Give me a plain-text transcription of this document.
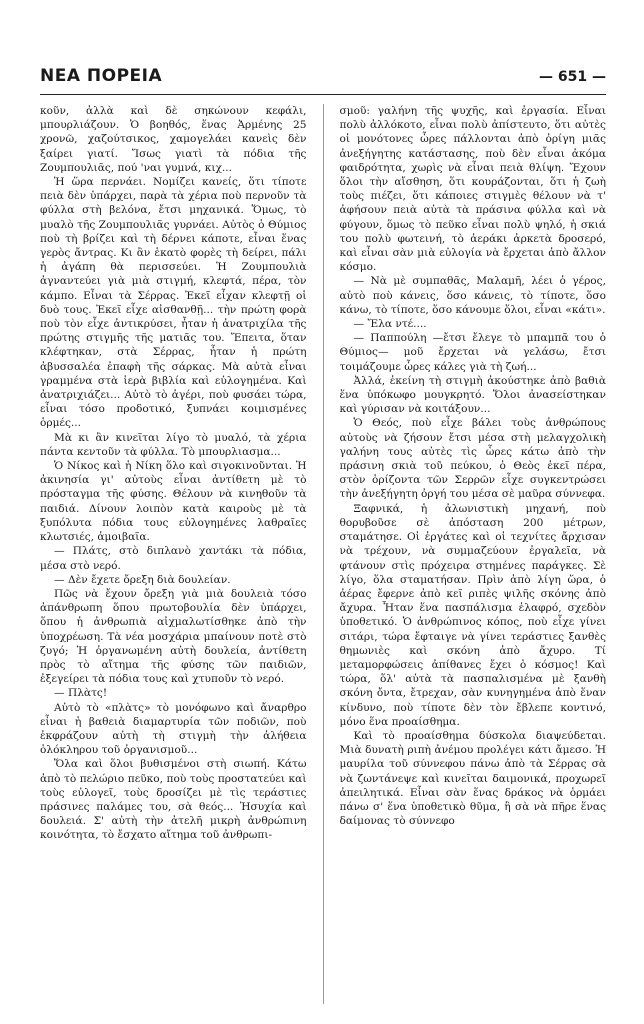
ΝΕΑ ΠΟΡΕΙΑ	— 651 —

κοῦν, ἀλλὰ καὶ δὲ σηκώνουν κεφάλι, μπουρλιάζουν. Ὁ βοηθός, ἕνας Ἀρμένης 25 χρονῶ, χαζούτσικος, χαμογελάει κανεὶς δὲν ξαίρει γιατί. Ἴσως γιατὶ τὰ πόδια τῆς Ζουμπουλιᾶς, πού 'ναι γυμνά, κιχ...

Ἡ ὥρα περνάει. Νομίζει κανείς, ὅτι τίποτε πειὰ δὲν ὑπάρχει, παρὰ τὰ χέρια ποὺ περνοῦν τὰ φύλλα στὴ βελόνα, ἔτσι μηχανικά. Ὅμως, τὸ μυαλὸ τῆς Ζουμπουλιᾶς γυρνάει. Αὐτὸς ὁ Θύμιος ποὺ τὴ βρίζει καὶ τὴ δέρνει κάποτε, εἶναι ἕνας γερὸς ἄντρας. Κι ἂν ἑκατὸ φορὲς τὴ δείρει, πάλι ἡ ἀγάπη θὰ περισσεύει. Ἡ Ζουμπουλιὰ ἀγναντεύει γιὰ μιὰ στιγμή, κλεφτά, πέρα, τὸν κάμπο. Εἶναι τὰ Σέρρας. Ἐκεῖ εἶχαν κλεφτῇ οἱ δυὸ τους. Ἐκεῖ εἶχε αἰσθανθῇ... τὴν πρώτη φορὰ ποὺ τὸν εἶχε ἀντικρύσει, ἦταν ἡ ἀνατριχίλα τῆς πρώτης στιγμῆς τῆς ματιᾶς του. Ἔπειτα, ὅταν κλέφτηκαν, στὰ Σέρρας, ἦταν ἡ πρώτη ἀβυσσαλέα ἐπαφὴ τῆς σάρκας. Μὰ αὐτὰ εἶναι γραμμένα στὰ ἱερὰ βιβλία καὶ εὐλογημένα. Καὶ ἀνατριχιάζει... Αὐτὸ τὸ ἀγέρι, ποὺ φυσάει τώρα, εἶναι τόσο προδοτικό, ξυπνάει κοιμισμένες ὁρμές...

Μὰ κι ἂν κινεῖται λίγο τὸ μυαλό, τὰ χέρια πάντα κεντοῦν τὰ φύλλα. Τὸ μπουρλιασμα...

Ὁ Νίκος καὶ ἡ Νίκη ὅλο καὶ σιγοκινοῦνται. Ἡ ἀκινησία γι' αὐτοὺς εἶναι ἀντίθετη μὲ τὸ πρόσταγμα τῆς φύσης. Θέλουν νὰ κινηθοῦν τὰ παιδιά. Δίνουν λοιπὸν κατὰ καιροὺς μὲ τὰ ξυπόλυτα πόδια τους εὐλογημένες λαθραῖες κλωτσιές, ἀμοιβαῖα.

— Πλάτς, στὸ διπλανὸ χαντάκι τὰ πόδια, μέσα στὸ νερό.

— Δὲν ἔχετε ὄρεξη διὰ δουλείαν.

Πῶς νὰ ἔχουν ὄρεξη γιὰ μιὰ δουλειὰ τόσο ἀπάνθρωπη ὅπου πρωτοβουλία δὲν ὑπάρχει, ὅπου ἡ ἀνθρωπιὰ αἰχμαλωτίσθηκε ἀπὸ τὴν ὑποχρέωση. Τὰ νέα μοσχάρια μπαίνουν ποτὲ στὸ ζυγό; Ἡ ὀργανωμένη αὐτὴ δουλεία, ἀντίθετη πρὸς τὸ αἴτημα τῆς φύσης τῶν παιδιῶν, ἐξεγείρει τὰ πόδια τους καὶ χτυποῦν τὸ νερό.

— Πλὰτς!

Αὐτὸ τὸ «πλὰτς» τὸ μονόφωνο καὶ ἄναρθρο εἶναι ἡ βαθειὰ διαμαρτυρία τῶν ποδιῶν, ποὺ ἐκφράζουν αὐτὴ τὴ στιγμὴ τὴν ἀλήθεια ὁλόκληρου τοῦ ὀργανισμοῦ...

Ὅλα καὶ ὅλοι βυθισμένοι στὴ σιωπή. Κάτω ἀπὸ τὸ πελώριο πεῦκο, ποὺ τοὺς προστατεύει καὶ τοὺς εὐλογεῖ, τοὺς δροσίζει μὲ τὶς τεράστιες πράσινες παλάμες του, σὰ θεός... Ἡσυχία καὶ δουλειά. Σ' αὐτὴ τὴν ἀτελῆ μικρὴ ἀνθρώπινη κοινότητα, τὸ ἔσχατο αἴτημα τοῦ ἀνθρωπι-

σμοῦ: γαλήνη τῆς ψυχῆς, καὶ ἐργασία. Εἶναι πολὺ ἀλλόκοτο, εἶναι πολὺ ἀπίστευτο, ὅτι αὐτὲς οἱ μονότονες ὧρες πάλλονται ἀπὸ ὀρίγη μιᾶς ἀνεξήγητης κατάστασης, ποὺ δὲν εἶναι ἀκόμα φαιδρότητα, χωρὶς νὰ εἶναι πειὰ θλίψη. Ἔχουν ὅλοι τὴν αἴσθηση, ὅτι κουράζονται, ὅτι ἡ ζωὴ τοὺς πιέζει, ὅτι κάποιες στιγμὲς θέλουν νὰ τ' ἀφήσουν πειὰ αὐτὰ τὰ πράσινα φύλλα καὶ νὰ φύγουν, ὅμως τὸ πεῦκο εἶναι πολὺ ψηλό, ἡ σκιά του πολὺ φωτεινή, τὸ ἀεράκι ἀρκετὰ δροσερό, καὶ εἶναι σὰν μιὰ εὐλογία νὰ ἔρχεται ἀπὸ ἄλλον κόσμο.

— Νὰ μὲ συμπαθᾶς, Μαλαμῆ, λέει ὁ γέρος, αὐτὸ ποὺ κάνεις, ὅσο κάνεις, τὸ τίποτε, ὅσο κάνω, τὸ τίποτε, ὅσο κάνουμε ὅλοι, εἶναι «κάτι».

— Ἔλα ντέ....

— Παππούλη —ἔτσι ἔλεγε τὸ μπαμπᾶ του ὁ Θύμιος— μοῦ ἔρχεται νὰ γελάσω, ἔτσι τοιμάζουμε ὧρες κάλες γιὰ τὴ ζωή...

Ἀλλά, ἐκείνη τὴ στιγμὴ ἀκούστηκε ἀπὸ βαθιὰ ἕνα ὑπόκωφο μουγκρητό. Ὅλοι ἀνασείστηκαν καὶ γύρισαν νὰ κοιτάξουν...

Ὁ Θεός, ποὺ εἶχε βάλει τοὺς ἀνθρώπους αὐτοὺς νὰ ζήσουν ἔτσι μέσα στὴ μελαγχολικὴ γαλήνη τους αὐτὲς τὶς ὧρες κάτω ἀπὸ τὴν πράσινη σκιὰ τοῦ πεύκου, ὁ Θεὸς ἐκεῖ πέρα, στὸν ὁρίζοντα τῶν Σερρῶν εἶχε συγκεντρώσει τὴν ἀνεξήγητη ὀργή του μέσα σὲ μαῦρα σύννεφα.

Ξαφνικά, ἡ ἀλωνιστικὴ μηχανή, ποὺ θορυβοῦσε σὲ ἀπόσταση 200 μέτρων, σταμάτησε. Οἱ ἐργάτες καὶ οἱ τεχνίτες ἄρχισαν νὰ τρέχουν, νὰ συμμαζεύουν ἐργαλεῖα, νὰ φτάνουν στὶς πρόχειρα στημένες παράγκες. Σὲ λίγο, ὅλα σταματήσαν. Πρὶν ἀπὸ λίγη ὥρα, ὁ ἀέρας ἔφερνε ἀπὸ κεῖ ριπὲς ψιλῆς σκόνης ἀπὸ ἄχυρα. Ἦταν ἕνα πασπάλισμα ἐλαφρό, σχεδὸν ὑποθετικό. Ὁ ἀνθρώπινος κόπος, ποὺ εἶχε γίνει σιτάρι, τώρα ἔφταιγε νὰ γίνει τεράστιες ξανθὲς θημωνιὲς καὶ σκόνη ἀπὸ ἄχυρο. Τί μεταμορφώσεις ἀπίθανες ἔχει ὁ κόσμος! Καὶ τώρα, ὅλ' αὐτὰ τὰ πασπαλισμένα μὲ ξανθὴ σκόνη ὄντα, ἔτρεχαν, σὰν κυνηγημένα ἀπὸ ἕναν κίνδυνο, ποὺ τίποτε δὲν τὸν ἔβλεπε κοντινό, μόνο ἕνα προαίσθημα.

Καὶ τὸ προαίσθημα δύσκολα διαψεύδεται. Μιὰ δυνατὴ ριπὴ ἀνέμου προλέγει κάτι ἄμεσο. Ἡ μαυρίλα τοῦ σύννεφου πάνω ἀπὸ τὰ Σέρρας σὰ νὰ ζωντάνεψε καὶ κινεῖται δαιμονικά, προχωρεῖ ἀπειλητικά. Εἶναι σὰν ἕνας δράκος νὰ ὁρμάει πάνω σ' ἕνα ὑποθετικὸ θῦμα, ἢ σὰ νὰ πῆρε ἕνας δαίμονας τὸ σύννεφο
